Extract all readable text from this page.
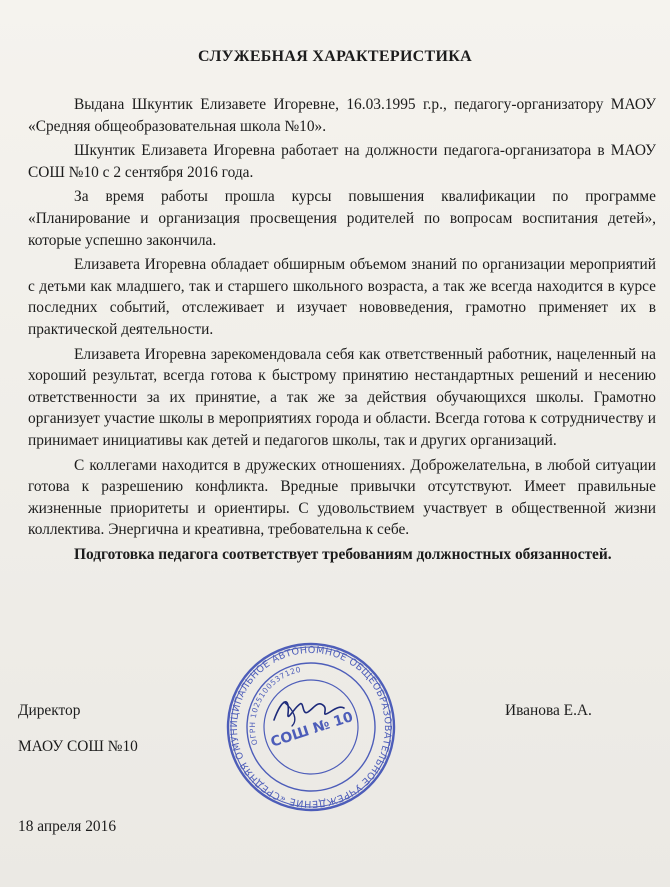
СЛУЖЕБНАЯ ХАРАКТЕРИСТИКА

Выдана Шкунтик Елизавете Игоревне, 16.03.1995 г.р., педагогу-организатору МАОУ «Средняя общеобразовательная школа №10».

Шкунтик Елизавета Игоревна работает на должности педагога-организатора в МАОУ СОШ №10 с 2 сентября 2016 года.

За время работы прошла курсы повышения квалификации по программе «Планирование и организация просвещения родителей по вопросам воспитания детей», которые успешно закончила.

Елизавета Игоревна обладает обширным объемом знаний по организации мероприятий с детьми как младшего, так и старшего школьного возраста, а так же всегда находится в курсе последних событий, отслеживает и изучает нововведения, грамотно применяет их в практической деятельности.

Елизавета Игоревна зарекомендовала себя как ответственный работник, нацеленный на хороший результат, всегда готова к быстрому принятию нестандартных решений и несению ответственности за их принятие, а так же за действия обучающихся школы. Грамотно организует участие школы в мероприятиях города и области. Всегда готова к сотрудничеству и принимает инициативы как детей и педагогов школы, так и других организаций.

С коллегами находится в дружеских отношениях. Доброжелательна, в любой ситуации готова к разрешению конфликта. Вредные привычки отсутствуют. Имеет правильные жизненные приоритеты и ориентиры. С удовольствием участвует в общественной жизни коллектива. Энергична и креативна, требовательна к себе.

Подготовка педагога соответствует требованиям должностных обязанностей.

Директор
МАОУ СОШ №10
Иванова Е.А.
18 апреля 2016
МУНИЦИПАЛЬНОЕ АВТОНОМНОЕ ОБЩЕОБРАЗОВАТЕЛЬНОЕ УЧРЕЖДЕНИЕ «СРЕДНЯЯ ОБЩЕОБРАЗОВАТЕЛЬНАЯ
ОГРН 1025100537120
СОШ № 10
